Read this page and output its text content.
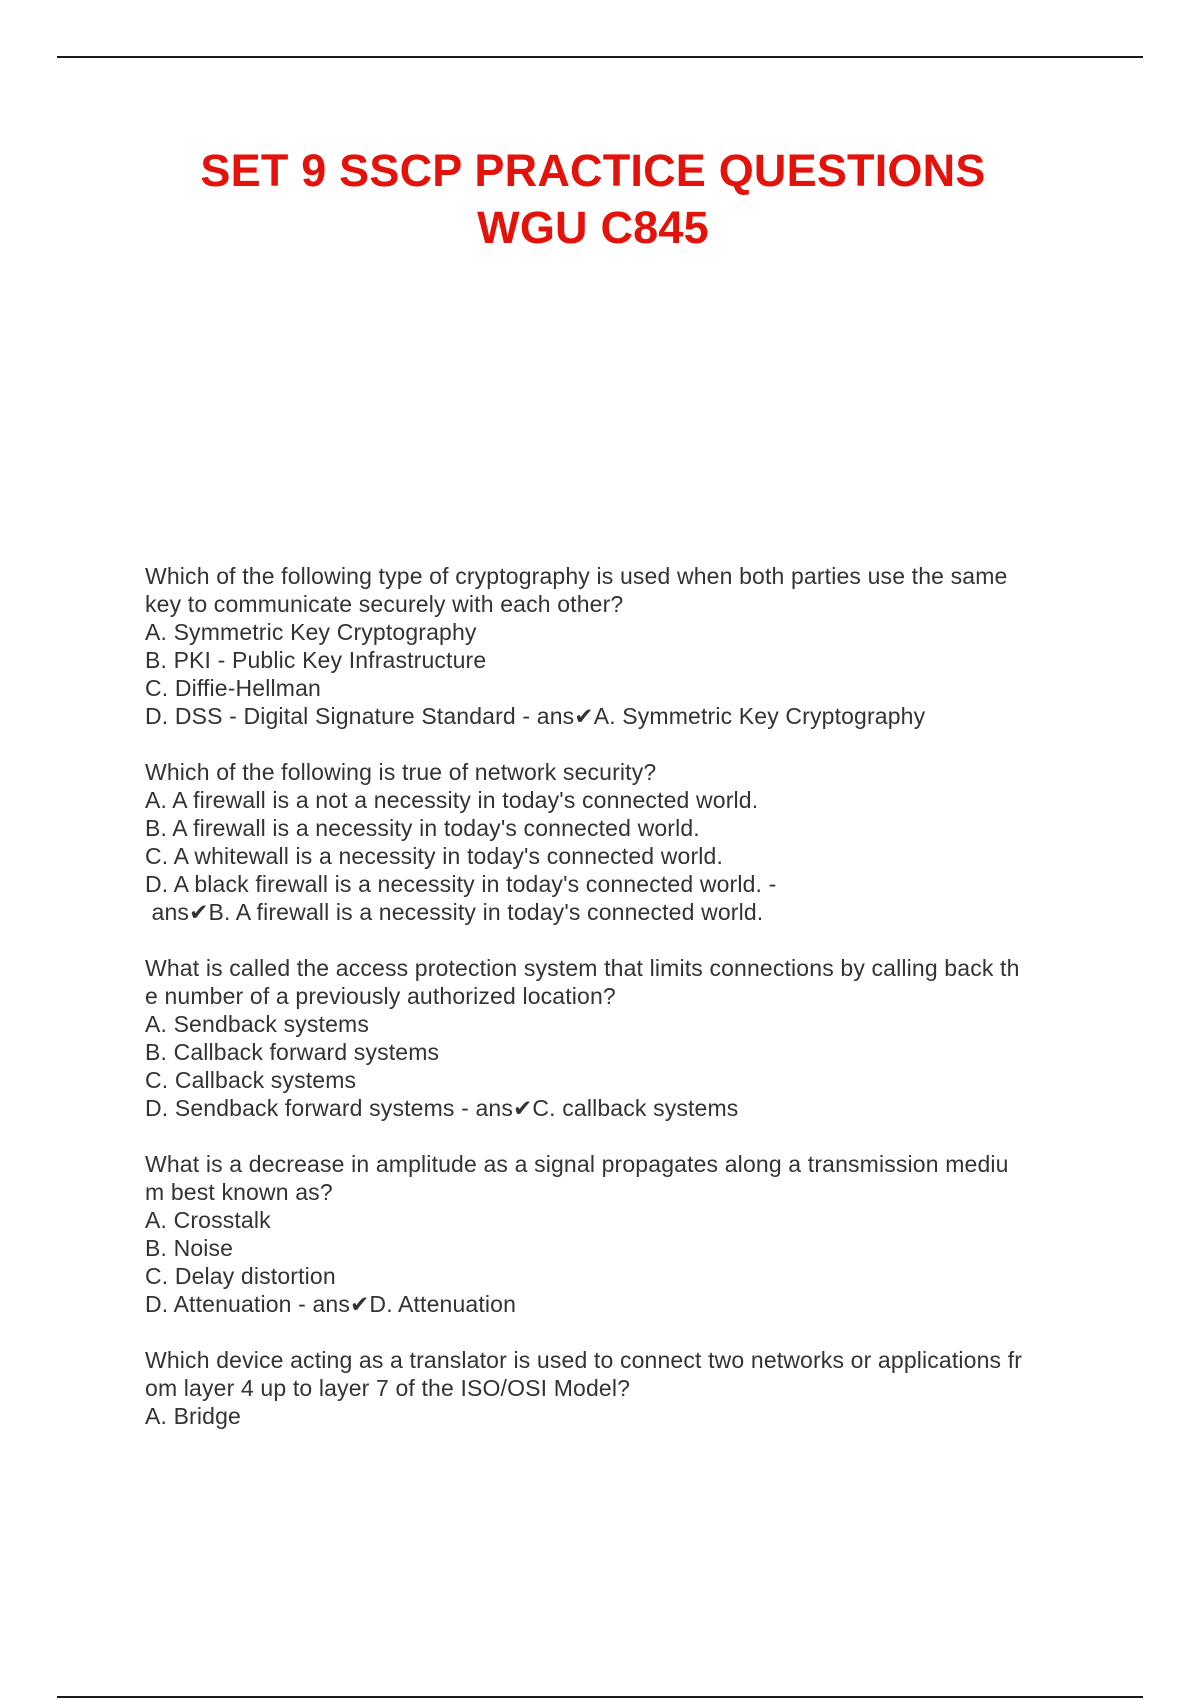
SET 9 SSCP PRACTICE QUESTIONS
WGU C845
Which of the following type of cryptography is used when both parties use the same
key to communicate securely with each other?
A. Symmetric Key Cryptography
B. PKI - Public Key Infrastructure
C. Diffie-Hellman
D. DSS - Digital Signature Standard - ans✔A. Symmetric Key Cryptography
Which of the following is true of network security?
A. A firewall is a not a necessity in today's connected world.
B. A firewall is a necessity in today's connected world.
C. A whitewall is a necessity in today's connected world.
D. A black firewall is a necessity in today's connected world. -
ans✔B. A firewall is a necessity in today's connected world.
What is called the access protection system that limits connections by calling back th
e number of a previously authorized location?
A. Sendback systems
B. Callback forward systems
C. Callback systems
D. Sendback forward systems - ans✔C. callback systems
What is a decrease in amplitude as a signal propagates along a transmission mediu
m best known as?
A. Crosstalk
B. Noise
C. Delay distortion
D. Attenuation - ans✔D. Attenuation
Which device acting as a translator is used to connect two networks or applications fr
om layer 4 up to layer 7 of the ISO/OSI Model?
A. Bridge
